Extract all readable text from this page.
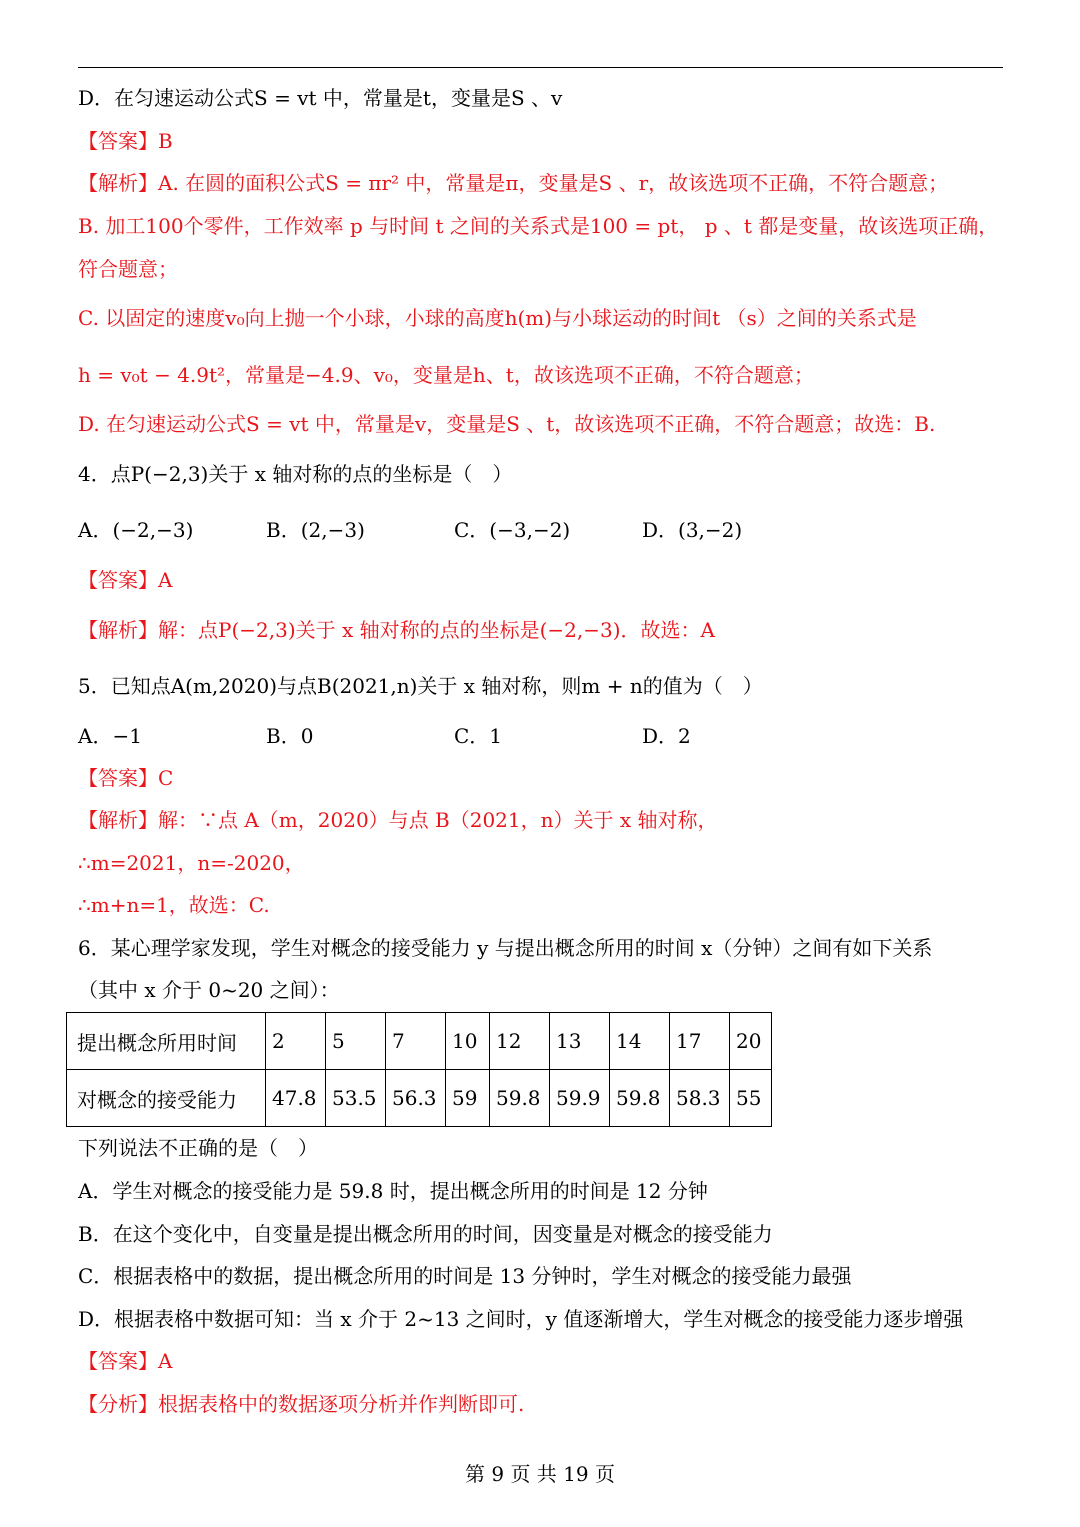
D．在匀速运动公式S = vt 中，常量是t，变量是S 、v
【答案】B
【解析】A. 在圆的面积公式S = πr² 中，常量是π，变量是S 、r，故该选项不正确，不符合题意；
B. 加工100个零件，工作效率 p 与时间 t 之间的关系式是100 = pt， p 、t 都是变量，故该选项正确，
符合题意；
C. 以固定的速度v₀向上抛一个小球，小球的高度h(m)与小球运动的时间t （s）之间的关系式是
h = v₀t − 4.9t²，常量是−4.9、v₀，变量是h、t，故该选项不正确，不符合题意；
D. 在匀速运动公式S = vt 中，常量是v，变量是S 、t，故该选项不正确，不符合题意；故选：B.
4．点P(−2,3)关于 x 轴对称的点的坐标是（　）
A．(−2,−3)	B．(2,−3)	C．(−3,−2)	D．(3,−2)
【答案】A
【解析】解：点P(−2,3)关于 x 轴对称的点的坐标是(−2,−3)．故选：A
5．已知点A(m,2020)与点B(2021,n)关于 x 轴对称，则m + n的值为（　）
A．−1	B．0	C．1	D．2
【答案】C
【解析】解：∵点 A（m，2020）与点 B（2021，n）关于 x 轴对称，
∴m=2021，n=-2020，
∴m+n=1，故选：C.
6．某心理学家发现，学生对概念的接受能力 y 与提出概念所用的时间 x（分钟）之间有如下关系
（其中 x 介于 0~20 之间）：
提出概念所用时间	2	5	7	10	12	13	14	17	20
对概念的接受能力	47.8	53.5	56.3	59	59.8	59.9	59.8	58.3	55
下列说法不正确的是（　）
A．学生对概念的接受能力是 59.8 时，提出概念所用的时间是 12 分钟
B．在这个变化中，自变量是提出概念所用的时间，因变量是对概念的接受能力
C．根据表格中的数据，提出概念所用的时间是 13 分钟时，学生对概念的接受能力最强
D．根据表格中数据可知：当 x 介于 2~13 之间时，y 值逐渐增大，学生对概念的接受能力逐步增强
【答案】A
【分析】根据表格中的数据逐项分析并作判断即可.
第 9 页 共 19 页
